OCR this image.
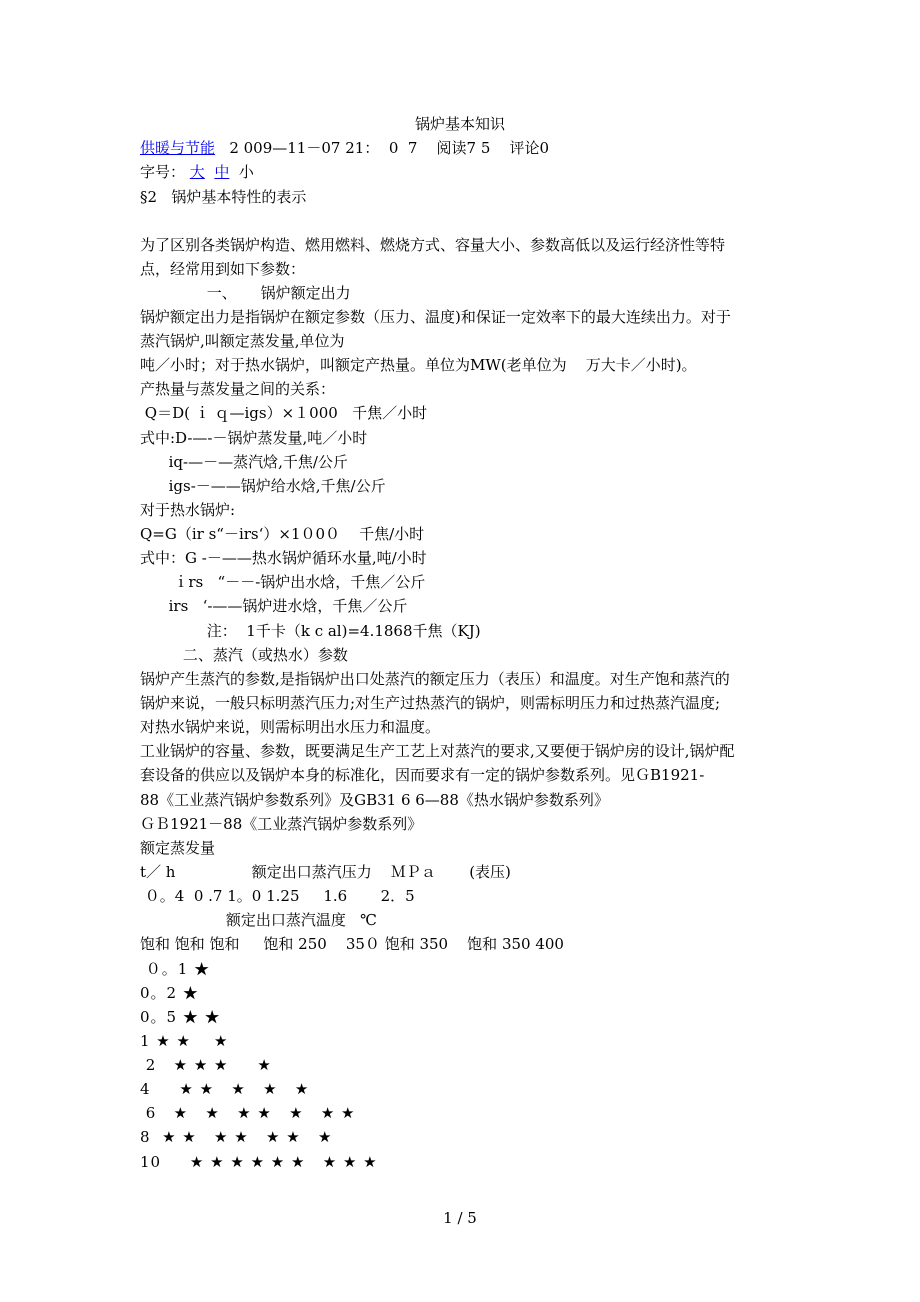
锅炉基本知识
供暖与节能   2 009—11－07 21：  0  7    阅读7 5    评论0
字号： 大 中 小
§2   锅炉基本特性的表示
为了区别各类锅炉构造、燃用燃料、燃烧方式、容量大小、参数高低以及运行经济性等特
点，经常用到如下参数：
一、     锅炉额定出力
锅炉额定出力是指锅炉在额定参数（压力、温度)和保证一定效率下的最大连续出力。对于
蒸汽锅炉,叫额定蒸发量,单位为
吨／小时；对于热水锅炉，叫额定产热量。单位为MW(老单位为    万大卡／小时)。
产热量与蒸发量之间的关系：
Q＝D( ｉ ｑ—igs）×１000   千焦／小时
式中:D-—-－锅炉蒸发量,吨／小时
iq-—－—蒸汽焓,千焦/公斤
igs-－——锅炉给水焓,千焦/公斤
对于热水锅炉:
Q=G（ir s“－irs‘）×1０0０    千焦/小时
式中：G -－——热水锅炉循环水量,吨/小时
ｉrs   “－－-锅炉出水焓，千焦／公斤
irs   ‘-——锅炉进水焓，千焦／公斤
注：  1千卡（k c al)=4.1868千焦（KJ)
二、蒸汽（或热水）参数
锅炉产生蒸汽的参数,是指锅炉出口处蒸汽的额定压力（表压）和温度。对生产饱和蒸汽的
锅炉来说，一般只标明蒸汽压力;对生产过热蒸汽的锅炉，则需标明压力和过热蒸汽温度;
对热水锅炉来说，则需标明出水压力和温度。
工业锅炉的容量、参数，既要满足生产工艺上对蒸汽的要求,又要便于锅炉房的设计,锅炉配
套设备的供应以及锅炉本身的标准化，因而要求有一定的锅炉参数系列。见ＧB1921-
88《工业蒸汽锅炉参数系列》及GB31 6 6—88《热水锅炉参数系列》
ＧＢ1921－88《工业蒸汽锅炉参数系列》
额定蒸发量
t／ h                额定出口蒸汽压力    ＭＰａ       (表压)
０。4  0 .7 1。0 1.25     1.6       2．5
额定出口蒸汽温度   ℃
饱和 饱和 饱和     饱和 250    35０ 饱和 350    饱和 350 400
０。1 ★
0。2 ★
0。5 ★ ★
1 ★ ★    ★
2   ★ ★ ★     ★
4     ★ ★   ★   ★   ★
6   ★   ★   ★ ★   ★   ★ ★
8  ★ ★   ★ ★   ★ ★   ★
10     ★ ★ ★ ★ ★ ★   ★ ★ ★
1 / 5
